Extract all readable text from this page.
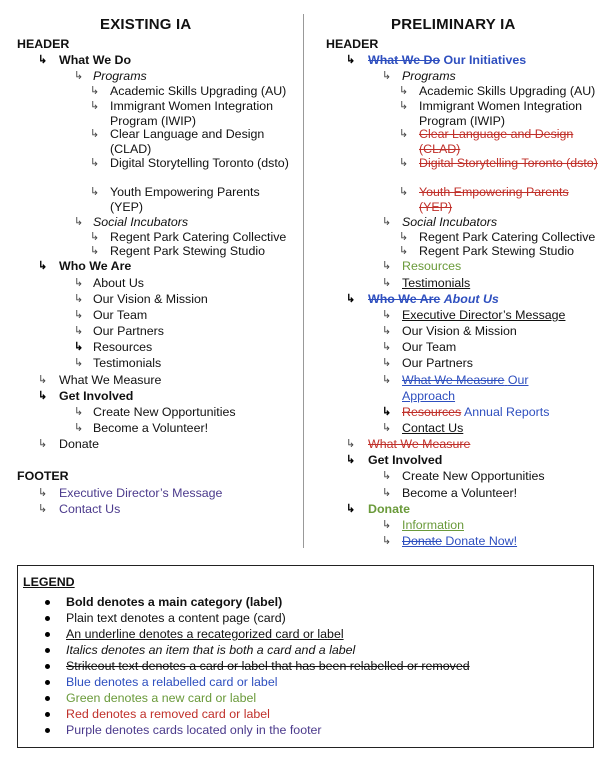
EXISTING IA
HEADER
↳ What We Do
↳ Programs
↳ Academic Skills Upgrading (AU)
↳ Immigrant Women Integration Program (IWIP)
↳ Clear Language and Design (CLAD)
↳ Digital Storytelling Toronto (dsto)
↳ Youth Empowering Parents (YEP)
↳ Social Incubators
↳ Regent Park Catering Collective
↳ Regent Park Stewing Studio
↳ Who We Are
↳ About Us
↳ Our Vision & Mission
↳ Our Team
↳ Our Partners
↳ Resources
↳ Testimonials
↳ What We Measure
↳ Get Involved
↳ Create New Opportunities
↳ Become a Volunteer!
↳ Donate
FOOTER
↳ Executive Director’s Message
↳ Contact Us
PRELIMINARY IA
HEADER
↳ What We Do Our Initiatives
↳ Programs
↳ Academic Skills Upgrading (AU)
↳ Immigrant Women Integration Program (IWIP)
↳ Clear Language and Design (CLAD)
↳ Digital Storytelling Toronto (dsto)
↳ Youth Empowering Parents (YEP)
↳ Social Incubators
↳ Regent Park Catering Collective
↳ Regent Park Stewing Studio
↳ Resources
↳ Testimonials
↳ Who We Are About Us
↳ Executive Director’s Message
↳ Our Vision & Mission
↳ Our Team
↳ Our Partners
↳ What We Measure Our
Approach
↳ Resources Annual Reports
↳ Contact Us
↳ What We Measure
↳ Get Involved
↳ Create New Opportunities
↳ Become a Volunteer!
↳ Donate
↳ Information
↳ Donate Donate Now!
LEGEND
Bold denotes a main category (label)
Plain text denotes a content page (card)
An underline denotes a recategorized card or label
Italics denotes an item that is both a card and a label
Strikeout text denotes a card or label that has been relabelled or removed
Blue denotes a relabelled card or label
Green denotes a new card or label
Red denotes a removed card or label
Purple denotes cards located only in the footer
